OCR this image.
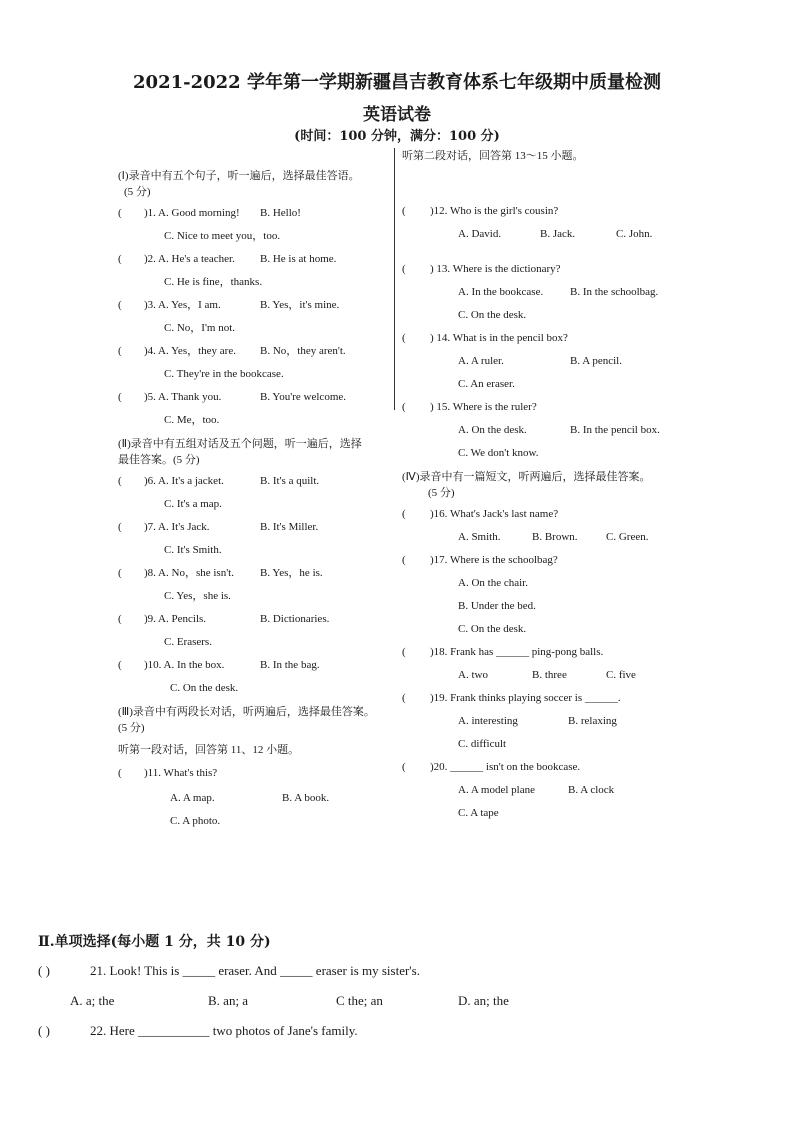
2021-2022 学年第一学期新疆昌吉教育体系七年级期中质量检测
英语试卷
(时间：100 分钟，满分：100 分)
(Ⅰ)录音中有五个句子，听一遍后，选择最佳答语。
(5 分)
(	)1. A. Good morning!	B. Hello!
C. Nice to meet you，too.
(	)2. A. He's a teacher.	B. He is at home.
C. He is fine，thanks.
(	)3. A. Yes，I am.	B. Yes，it's mine.
C. No，I'm not.
(	)4. A. Yes，they are.	B. No，they aren't.
C. They're in the bookcase.
(	)5. A. Thank you.	B. You're welcome.
C. Me，too.
(Ⅱ)录音中有五组对话及五个问题，听一遍后，选择
最佳答案。(5 分)
(	)6. A. It's a jacket.	B. It's a quilt.
C. It's a map.
(	)7. A. It's Jack.	B. It's Miller.
C. It's Smith.
(	)8. A. No，she isn't.	B. Yes，he is.
C. Yes，she is.
(	)9. A. Pencils.	B. Dictionaries.
C. Erasers.
(	)10. A. In the box.	B. In the bag.
C. On the desk.
(Ⅲ)录音中有两段长对话，听两遍后，选择最佳答案。
(5 分)
听第一段对话，回答第 11、12 小题。
(	)11. What's this?
A. A map.	B. A book.
C. A photo.
听第二段对话，回答第 13～15 小题。
(	)12. Who is the girl's cousin?
A. David.	B. Jack.	C. John.
(	) 13. Where is the dictionary?
A. In the bookcase.	B. In the schoolbag.
C. On the desk.
(	) 14. What is in the pencil box?
A. A ruler.	B. A pencil.
C. An eraser.
(	) 15. Where is the ruler?
A. On the desk.	B. In the pencil box.
C. We don't know.
(Ⅳ)录音中有一篇短文，听两遍后，选择最佳答案。
(5 分)
(	)16. What's Jack's last name?
A. Smith.	B. Brown.	C. Green.
(	)17. Where is the schoolbag?
A. On the chair.
B. Under the bed.
C. On the desk.
(	)18. Frank has ______ ping-pong balls.
A. two	B. three	C. five
(	)19. Frank thinks playing soccer is ______.
A. interesting	B. relaxing
C. difficult
(	)20. ______ isn't on the bookcase.
A. A model plane	B. A clock
C. A tape
Ⅱ.单项选择(每小题 1 分，共 10 分)
( )	21. Look! This is _____ eraser. And _____ eraser is my sister's.
A. a; the	B. an; a	C the; an	D. an; the
( )	22. Here ___________ two photos of Jane's family.
